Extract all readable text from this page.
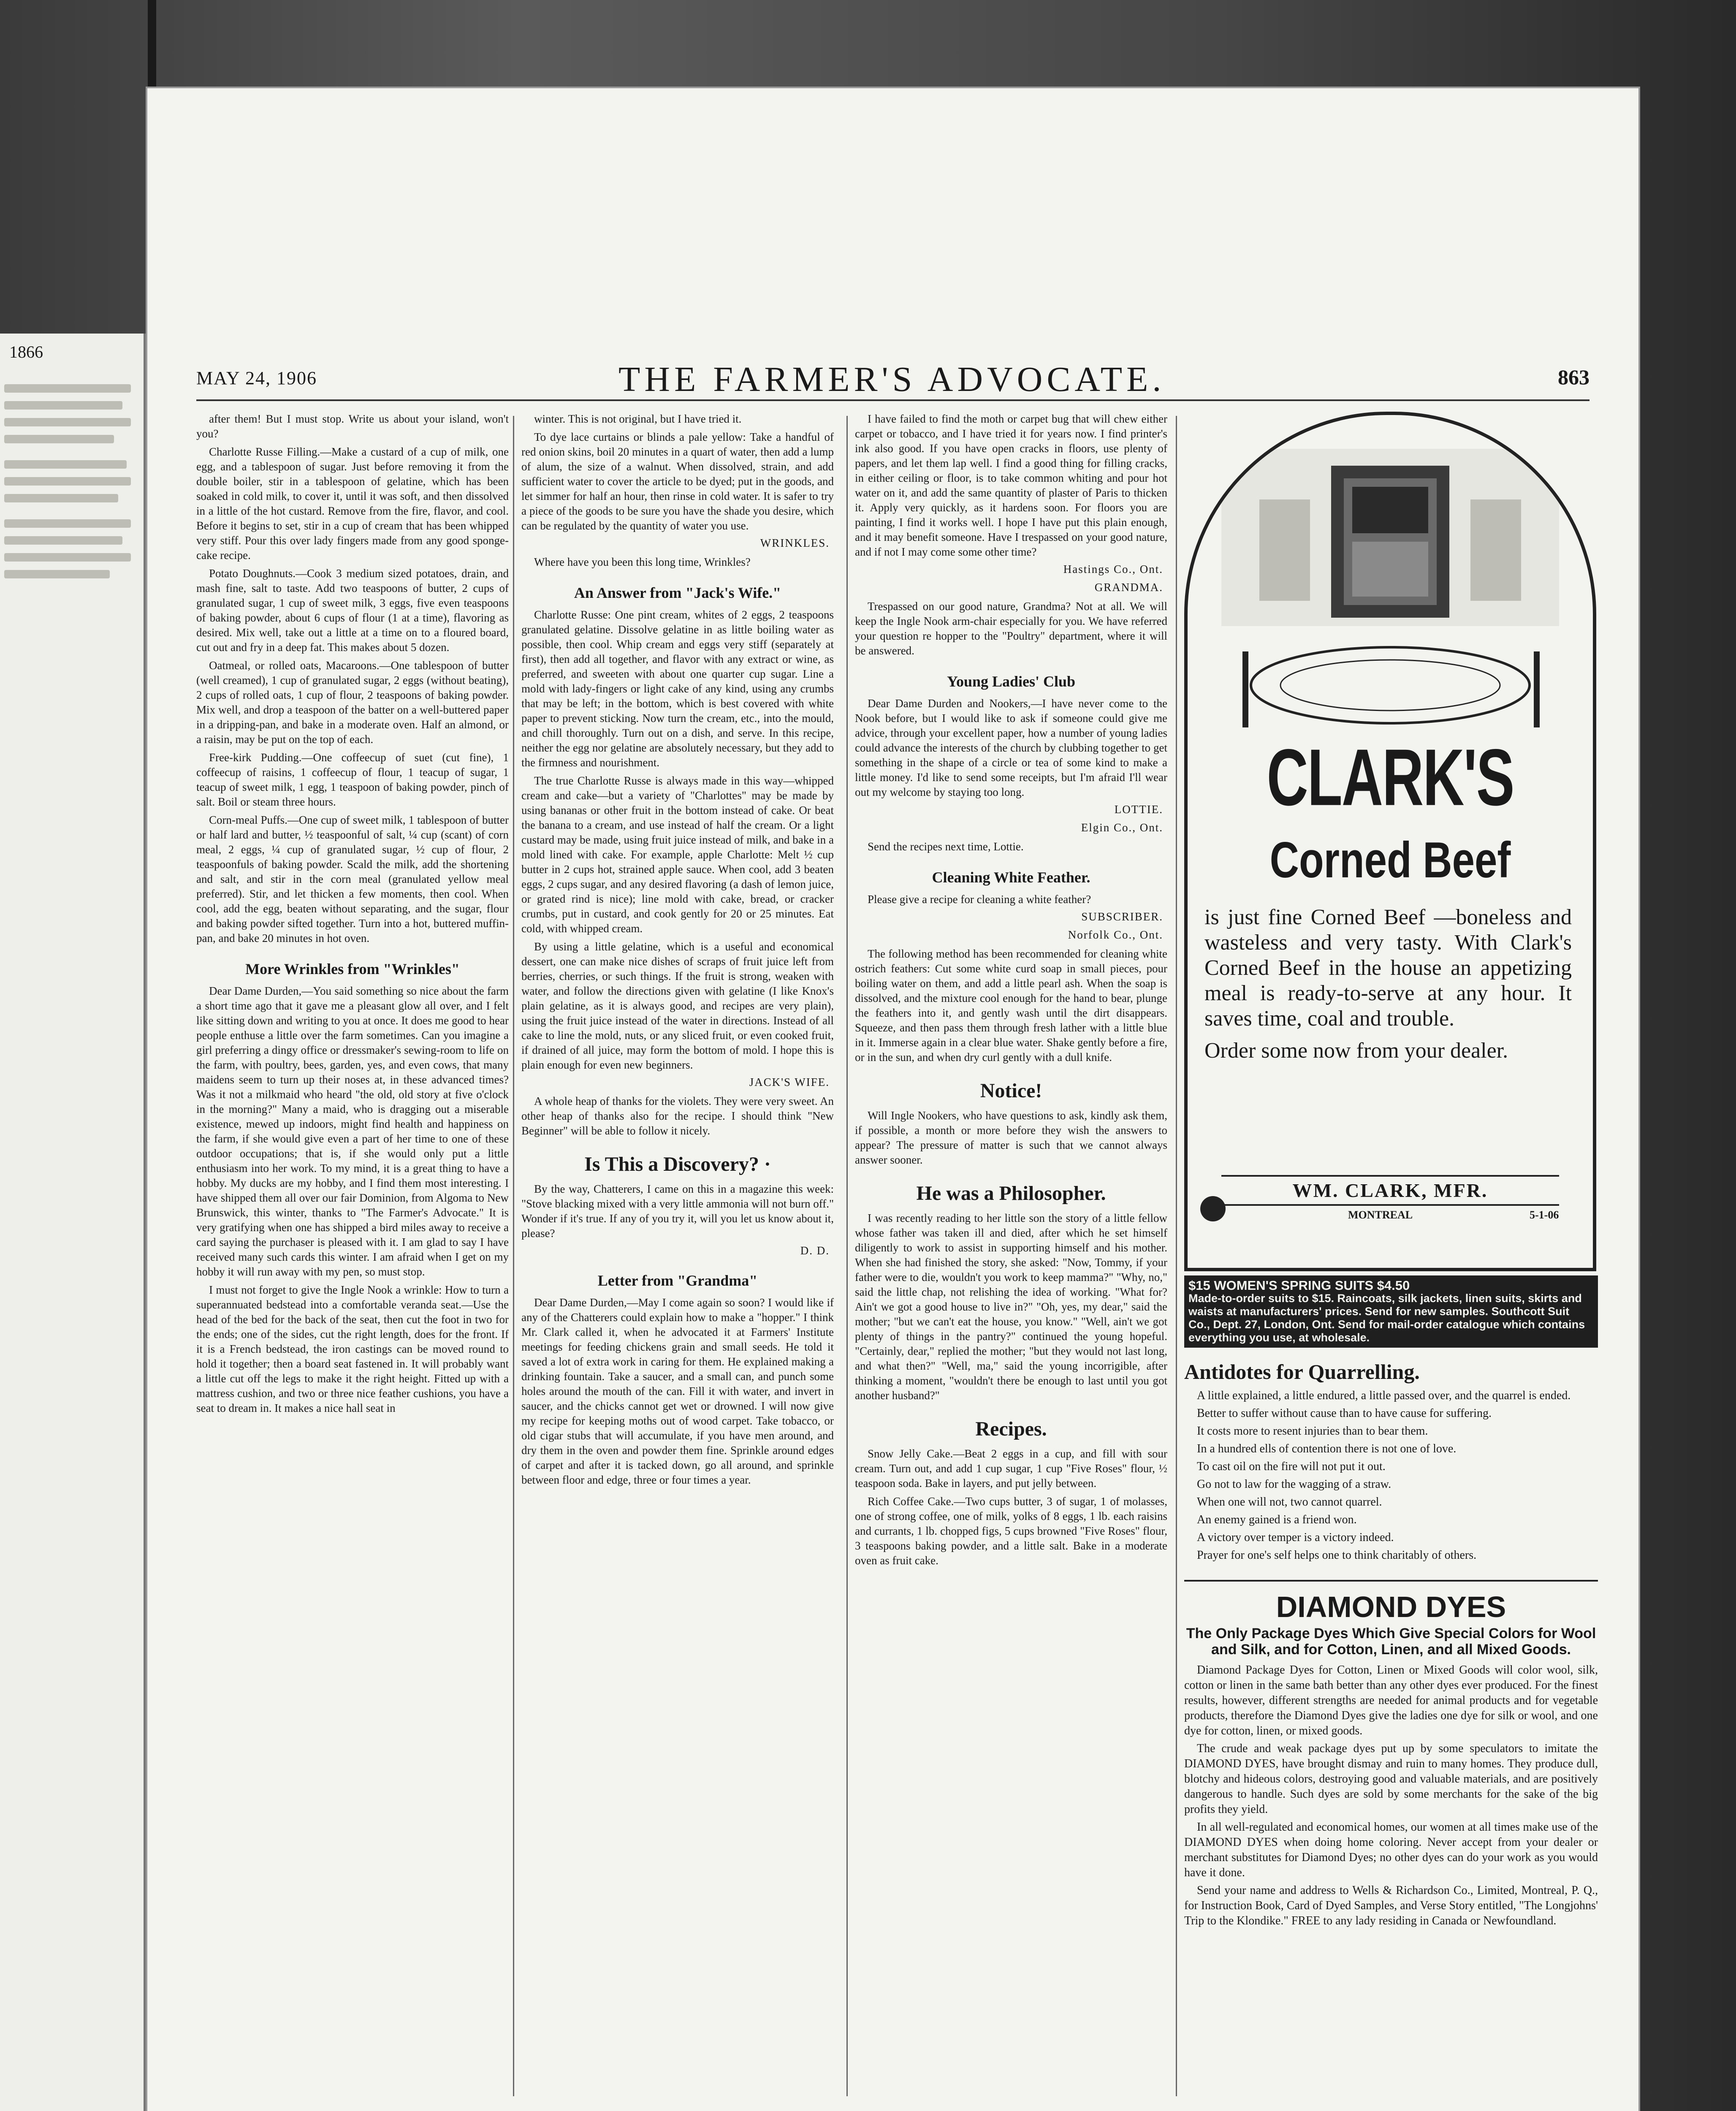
1866
MAY 24, 1906	THE FARMER'S ADVOCATE.	863

after them! But I must stop. Write us about your island, won't you?

Charlotte Russe Filling.—Make a custard of a cup of milk, one egg, and a tablespoon of sugar. Just before removing it from the double boiler, stir in a tablespoon of gelatine, which has been soaked in cold milk, to cover it, until it was soft, and then dissolved in a little of the hot custard. Remove from the fire, flavor, and cool. Before it begins to set, stir in a cup of cream that has been whipped very stiff. Pour this over lady fingers made from any good sponge-cake recipe.

Potato Doughnuts.—Cook 3 medium sized potatoes, drain, and mash fine, salt to taste. Add two teaspoons of butter, 2 cups of granulated sugar, 1 cup of sweet milk, 3 eggs, five even teaspoons of baking powder, about 6 cups of flour (1 at a time), flavoring as desired. Mix well, take out a little at a time on to a floured board, cut out and fry in a deep fat. This makes about 5 dozen.

Oatmeal, or rolled oats, Macaroons.—One tablespoon of butter (well creamed), 1 cup of granulated sugar, 2 eggs (without beating), 2 cups of rolled oats, 1 cup of flour, 2 teaspoons of baking powder. Mix well, and drop a teaspoon of the batter on a well-buttered paper in a dripping-pan, and bake in a moderate oven. Half an almond, or a raisin, may be put on the top of each.

Free-kirk Pudding.—One coffeecup of suet (cut fine), 1 coffeecup of raisins, 1 coffeecup of flour, 1 teacup of sugar, 1 teacup of sweet milk, 1 egg, 1 teaspoon of baking powder, pinch of salt. Boil or steam three hours.

Corn-meal Puffs.—One cup of sweet milk, 1 tablespoon of butter or half lard and butter, ½ teaspoonful of salt, ¼ cup (scant) of corn meal, 2 eggs, ¼ cup of granulated sugar, ½ cup of flour, 2 teaspoonfuls of baking powder. Scald the milk, add the shortening and salt, and stir in the corn meal (granulated yellow meal preferred). Stir, and let thicken a few moments, then cool. When cool, add the egg, beaten without separating, and the sugar, flour and baking powder sifted together. Turn into a hot, buttered muffin-pan, and bake 20 minutes in hot oven.

More Wrinkles from "Wrinkles"

Dear Dame Durden,—You said something so nice about the farm a short time ago that it gave me a pleasant glow all over, and I felt like sitting down and writing to you at once. It does me good to hear people enthuse a little over the farm sometimes. Can you imagine a girl preferring a dingy office or dressmaker's sewing-room to life on the farm, with poultry, bees, garden, yes, and even cows, that many maidens seem to turn up their noses at, in these advanced times? Was it not a milkmaid who heard "the old, old story at five o'clock in the morning?" Many a maid, who is dragging out a miserable existence, mewed up indoors, might find health and happiness on the farm, if she would give even a part of her time to one of these outdoor occupations; that is, if she would only put a little enthusiasm into her work. To my mind, it is a great thing to have a hobby. My ducks are my hobby, and I find them most interesting. I have shipped them all over our fair Dominion, from Algoma to New Brunswick, this winter, thanks to "The Farmer's Advocate." It is very gratifying when one has shipped a bird miles away to receive a card saying the purchaser is pleased with it. I am glad to say I have received many such cards this winter. I am afraid when I get on my hobby it will run away with my pen, so must stop.

I must not forget to give the Ingle Nook a wrinkle: How to turn a superannuated bedstead into a comfortable veranda seat.—Use the head of the bed for the back of the seat, then cut the foot in two for the ends; one of the sides, cut the right length, does for the front. If it is a French bedstead, the iron castings can be moved round to hold it together; then a board seat fastened in. It will probably want a little cut off the legs to make it the right height. Fitted up with a mattress cushion, and two or three nice feather cushions, you have a seat to dream in. It makes a nice hall seat in

winter. This is not original, but I have tried it.

To dye lace curtains or blinds a pale yellow: Take a handful of red onion skins, boil 20 minutes in a quart of water, then add a lump of alum, the size of a walnut. When dissolved, strain, and add sufficient water to cover the article to be dyed; put in the goods, and let simmer for half an hour, then rinse in cold water. It is safer to try a piece of the goods to be sure you have the shade you desire, which can be regulated by the quantity of water you use.

WRINKLES.

Where have you been this long time, Wrinkles?

An Answer from "Jack's Wife."

Charlotte Russe: One pint cream, whites of 2 eggs, 2 teaspoons granulated gelatine. Dissolve gelatine in as little boiling water as possible, then cool. Whip cream and eggs very stiff (separately at first), then add all together, and flavor with any extract or wine, as preferred, and sweeten with about one quarter cup sugar. Line a mold with lady-fingers or light cake of any kind, using any crumbs that may be left; in the bottom, which is best covered with white paper to prevent sticking. Now turn the cream, etc., into the mould, and chill thoroughly. Turn out on a dish, and serve. In this recipe, neither the egg nor gelatine are absolutely necessary, but they add to the firmness and nourishment.

The true Charlotte Russe is always made in this way—whipped cream and cake—but a variety of "Charlottes" may be made by using bananas or other fruit in the bottom instead of cake. Or beat the banana to a cream, and use instead of half the cream. Or a light custard may be made, using fruit juice instead of milk, and bake in a mold lined with cake. For example, apple Charlotte: Melt ½ cup butter in 2 cups hot, strained apple sauce. When cool, add 3 beaten eggs, 2 cups sugar, and any desired flavoring (a dash of lemon juice, or grated rind is nice); line mold with cake, bread, or cracker crumbs, put in custard, and cook gently for 20 or 25 minutes. Eat cold, with whipped cream.

By using a little gelatine, which is a useful and economical dessert, one can make nice dishes of scraps of fruit juice left from berries, cherries, or such things. If the fruit is strong, weaken with water, and follow the directions given with gelatine (I like Knox's plain gelatine, as it is always good, and recipes are very plain), using the fruit juice instead of the water in directions. Instead of all cake to line the mold, nuts, or any sliced fruit, or even cooked fruit, if drained of all juice, may form the bottom of mold. I hope this is plain enough for even new beginners.

JACK'S WIFE.

A whole heap of thanks for the violets. They were very sweet. An other heap of thanks also for the recipe. I should think "New Beginner" will be able to follow it nicely.

Is This a Discovery? ·

By the way, Chatterers, I came on this in a magazine this week: "Stove blacking mixed with a very little ammonia will not burn off." Wonder if it's true. If any of you try it, will you let us know about it, please?

D. D.
Letter from "Grandma"

Dear Dame Durden,—May I come again so soon? I would like if any of the Chatterers could explain how to make a "hopper." I think Mr. Clark called it, when he advocated it at Farmers' Institute meetings for feeding chickens grain and small seeds. He told it saved a lot of extra work in caring for them. He explained making a drinking fountain. Take a saucer, and a small can, and punch some holes around the mouth of the can. Fill it with water, and invert in saucer, and the chicks cannot get wet or drowned. I will now give my recipe for keeping moths out of wood carpet. Take tobacco, or old cigar stubs that will accumulate, if you have men around, and dry them in the oven and powder them fine. Sprinkle around edges of carpet and after it is tacked down, go all around, and sprinkle between floor and edge, three or four times a year.

I have failed to find the moth or carpet bug that will chew either carpet or tobacco, and I have tried it for years now. I find printer's ink also good. If you have open cracks in floors, use plenty of papers, and let them lap well. I find a good thing for filling cracks, in either ceiling or floor, is to take common whiting and pour hot water on it, and add the same quantity of plaster of Paris to thicken it. Apply very quickly, as it hardens soon. For floors you are painting, I find it works well. I hope I have put this plain enough, and it may benefit someone. Have I trespassed on your good nature, and if not I may come some other time?

Hastings Co., Ont.
GRANDMA.

Trespassed on our good nature, Grandma? Not at all. We will keep the Ingle Nook arm-chair especially for you. We have referred your question re hopper to the "Poultry" department, where it will be answered.

Young Ladies' Club

Dear Dame Durden and Nookers,—I have never come to the Nook before, but I would like to ask if someone could give me advice, through your excellent paper, how a number of young ladies could advance the interests of the church by clubbing together to get something in the shape of a circle or tea of some kind to make a little money. I'd like to send some receipts, but I'm afraid I'll wear out my welcome by staying too long.

LOTTIE.
Elgin Co., Ont.

Send the recipes next time, Lottie.

Cleaning White Feather.

Please give a recipe for cleaning a white feather?

SUBSCRIBER.
Norfolk Co., Ont.

The following method has been recommended for cleaning white ostrich feathers: Cut some white curd soap in small pieces, pour boiling water on them, and add a little pearl ash. When the soap is dissolved, and the mixture cool enough for the hand to bear, plunge the feathers into it, and gently wash until the dirt disappears. Squeeze, and then pass them through fresh lather with a little blue in it. Immerse again in a clear blue water. Shake gently before a fire, or in the sun, and when dry curl gently with a dull knife.

Notice!

Will Ingle Nookers, who have questions to ask, kindly ask them, if possible, a month or more before they wish the answers to appear? The pressure of matter is such that we cannot always answer sooner.

He was a Philosopher.

I was recently reading to her little son the story of a little fellow whose father was taken ill and died, after which he set himself diligently to work to assist in supporting himself and his mother. When she had finished the story, she asked: "Now, Tommy, if your father were to die, wouldn't you work to keep mamma?" "Why, no," said the little chap, not relishing the idea of working. "What for? Ain't we got a good house to live in?" "Oh, yes, my dear," said the mother; "but we can't eat the house, you know." "Well, ain't we got plenty of things in the pantry?" continued the young hopeful. "Certainly, dear," replied the mother; "but they would not last long, and what then?" "Well, ma," said the young incorrigible, after thinking a moment, "wouldn't there be enough to last until you got another husband?"

Recipes.

Snow Jelly Cake.—Beat 2 eggs in a cup, and fill with sour cream. Turn out, and add 1 cup sugar, 1 cup "Five Roses" flour, ½ teaspoon soda. Bake in layers, and put jelly between.

Rich Coffee Cake.—Two cups butter, 3 of sugar, 1 of molasses, one of strong coffee, one of milk, yolks of 8 eggs, 1 lb. each raisins and currants, 1 lb. chopped figs, 5 cups browned "Five Roses" flour, 3 teaspoons baking powder, and a little salt. Bake in a moderate oven as fruit cake.

CLARK'S
Corned Beef

is just fine Corned Beef —boneless and wasteless and very tasty. With Clark's Corned Beef in the house an appetizing meal is ready-to-serve at any hour. It saves time, coal and trouble.

Order some now from your dealer.

WM. CLARK, MFR.
MONTREAL	5-1-06
$15 WOMEN'S SPRING SUITS $4.50
Made-to-order suits to $15. Raincoats, silk jackets, linen suits, skirts and waists at manufacturers' prices. Send for new samples. Southcott Suit Co., Dept. 27, London, Ont. Send for mail-order catalogue which contains everything you use, at wholesale.
Antidotes for Quarrelling.

A little explained, a little endured, a little passed over, and the quarrel is ended.

Better to suffer without cause than to have cause for suffering.

It costs more to resent injuries than to bear them.

In a hundred ells of contention there is not one of love.

To cast oil on the fire will not put it out.

Go not to law for the wagging of a straw.

When one will not, two cannot quarrel.

An enemy gained is a friend won.

A victory over temper is a victory indeed.

Prayer for one's self helps one to think charitably of others.

DIAMOND DYES
The Only Package Dyes Which Give Special Colors for Wool and Silk, and for Cotton, Linen, and all Mixed Goods.

Diamond Package Dyes for Cotton, Linen or Mixed Goods will color wool, silk, cotton or linen in the same bath better than any other dyes ever produced. For the finest results, however, different strengths are needed for animal products and for vegetable products, therefore the Diamond Dyes give the ladies one dye for silk or wool, and one dye for cotton, linen, or mixed goods.

The crude and weak package dyes put up by some speculators to imitate the DIAMOND DYES, have brought dismay and ruin to many homes. They produce dull, blotchy and hideous colors, destroying good and valuable materials, and are positively dangerous to handle. Such dyes are sold by some merchants for the sake of the big profits they yield.

In all well-regulated and economical homes, our women at all times make use of the DIAMOND DYES when doing home coloring. Never accept from your dealer or merchant substitutes for Diamond Dyes; no other dyes can do your work as you would have it done.

Send your name and address to Wells & Richardson Co., Limited, Montreal, P. Q., for Instruction Book, Card of Dyed Samples, and Verse Story entitled, "The Longjohns' Trip to the Klondike." FREE to any lady residing in Canada or Newfoundland.
